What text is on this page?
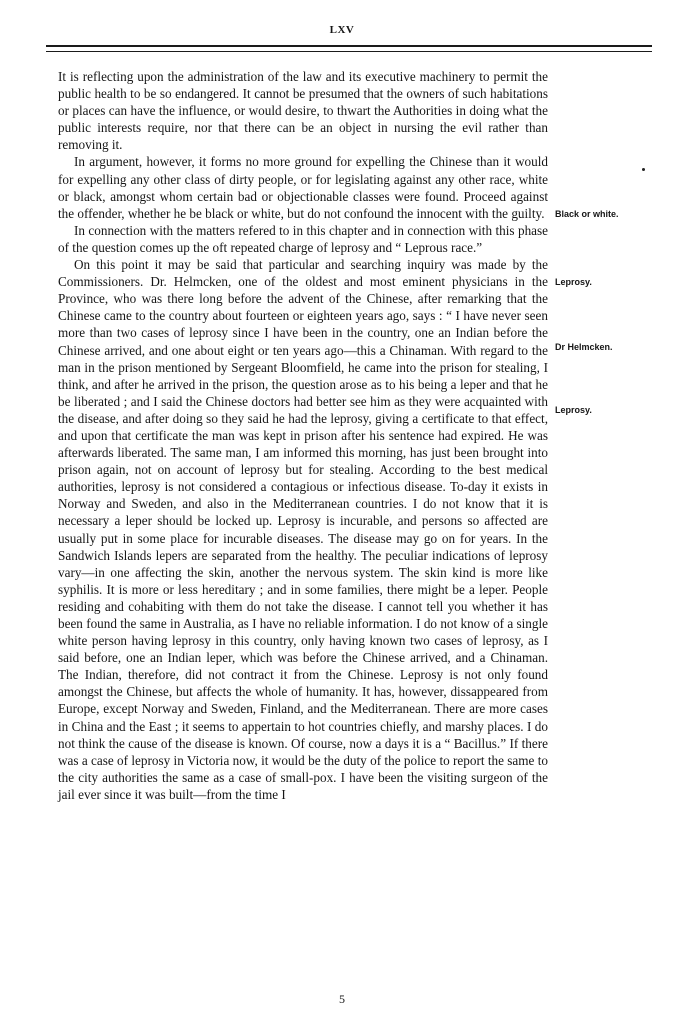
LXV

It is reflecting upon the administration of the law and its executive machinery to permit the public health to be so endangered. It cannot be presumed that the owners of such habitations or places can have the influence, or would desire, to thwart the Authorities in doing what the public interests require, nor that there can be an object in nursing the evil rather than removing it.

In argument, however, it forms no more ground for expelling the Chinese than it would for expelling any other class of dirty people, or for legislating against any other race, white or black, amongst whom certain bad or objectionable classes were found. Proceed against the offender, whether he be black or white, but do not confound the innocent with the guilty.

In connection with the matters refered to in this chapter and in connection with this phase of the question comes up the oft repeated charge of leprosy and “ Leprous race.”

On this point it may be said that particular and searching inquiry was made by the Commissioners. Dr. Helmcken, one of the oldest and most eminent physicians in the Province, who was there long before the advent of the Chinese, after remarking that the Chinese came to the country about fourteen or eighteen years ago, says : “ I have never seen more than two cases of leprosy since I have been in the country, one an Indian before the Chinese arrived, and one about eight or ten years ago—this a Chinaman. With regard to the man in the prison mentioned by Sergeant Bloomfield, he came into the prison for stealing, I think, and after he arrived in the prison, the question arose as to his being a leper and that he be liberated ; and I said the Chinese doctors had better see him as they were acquainted with the disease, and after doing so they said he had the leprosy, giving a certificate to that effect, and upon that certificate the man was kept in prison after his sentence had expired. He was afterwards liberated. The same man, I am informed this morning, has just been brought into prison again, not on account of leprosy but for stealing. According to the best medical authorities, leprosy is not considered a contagious or infectious disease. To-day it exists in Norway and Sweden, and also in the Mediterranean countries. I do not know that it is necessary a leper should be locked up. Leprosy is incurable, and persons so affected are usually put in some place for incurable diseases. The disease may go on for years. In the Sandwich Islands lepers are separated from the healthy. The peculiar indications of leprosy vary—in one affecting the skin, another the nervous system. The skin kind is more like syphilis. It is more or less hereditary ; and in some families, there might be a leper. People residing and cohabiting with them do not take the disease. I cannot tell you whether it has been found the same in Australia, as I have no reliable information. I do not know of a single white person having leprosy in this country, only having known two cases of leprosy, as I said before, one an Indian leper, which was before the Chinese arrived, and a Chinaman. The Indian, therefore, did not contract it from the Chinese. Leprosy is not only found amongst the Chinese, but affects the whole of humanity. It has, however, dissappeared from Europe, except Norway and Sweden, Finland, and the Mediterranean. There are more cases in China and the East ; it seems to appertain to hot countries chiefly, and marshy places. I do not think the cause of the disease is known. Of course, now a days it is a “ Bacillus.” If there was a case of leprosy in Victoria now, it would be the duty of the police to report the same to the city authorities the same as a case of small-pox. I have been the visiting surgeon of the jail ever since it was built—from the time I

Black or white.
Leprosy.
Dr Helmcken.
Leprosy.
5
